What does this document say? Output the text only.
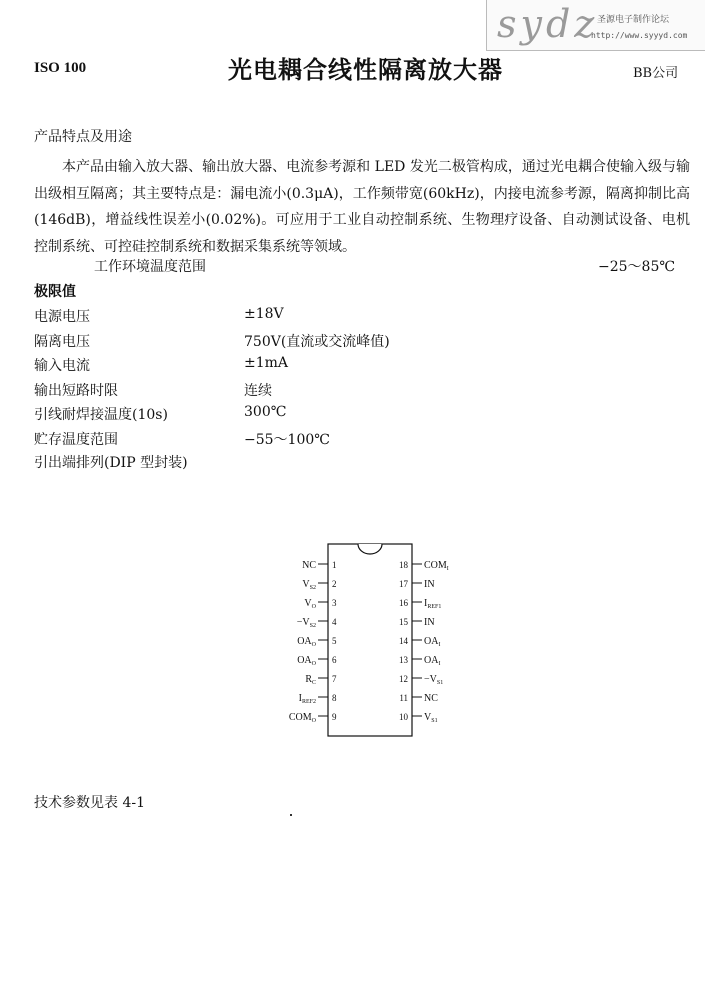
sydz
圣源电子制作论坛
http://www.syyyd.com
ISO 100	光电耦合线性隔离放大器	BB公司
产品特点及用途
本产品由输入放大器、输出放大器、电流参考源和 LED 发光二极管构成，通过光电耦合使输入级与输出级相互隔离；其主要特点是：漏电流小(0.3μA)，工作频带宽(60kHz)，内接电流参考源，隔离抑制比高(146dB)，增益线性误差小(0.02%)。可应用于工业自动控制系统、生物理疗设备、自动测试设备、电机控制系统、可控硅控制系统和数据采集系统等领域。
工作环境温度范围	−25～85℃
极限值
电源电压	±18V
隔离电压	750V(直流或交流峰值)
输入电流	±1mA
输出短路时限	连续
引线耐焊接温度(10s)	300℃
贮存温度范围	−55～100℃
引出端排列(DIP 型封装)
1
NC
2
$V_{S2}$
3
$V_O$
4
$-V_{S2}$
5
$OA_O$
6
$OA_O$
7
$R_C$
8
$I_{REF2}$
9
$COM_O$
18 $COM_I$
17 IN
16 $I_{REF1}$
15 IN
14 $OA_I$
13 $OA_I$
$12 -V_{S1}$
11 NC
10 $V_{S1}$
技术参数见表 4-1
